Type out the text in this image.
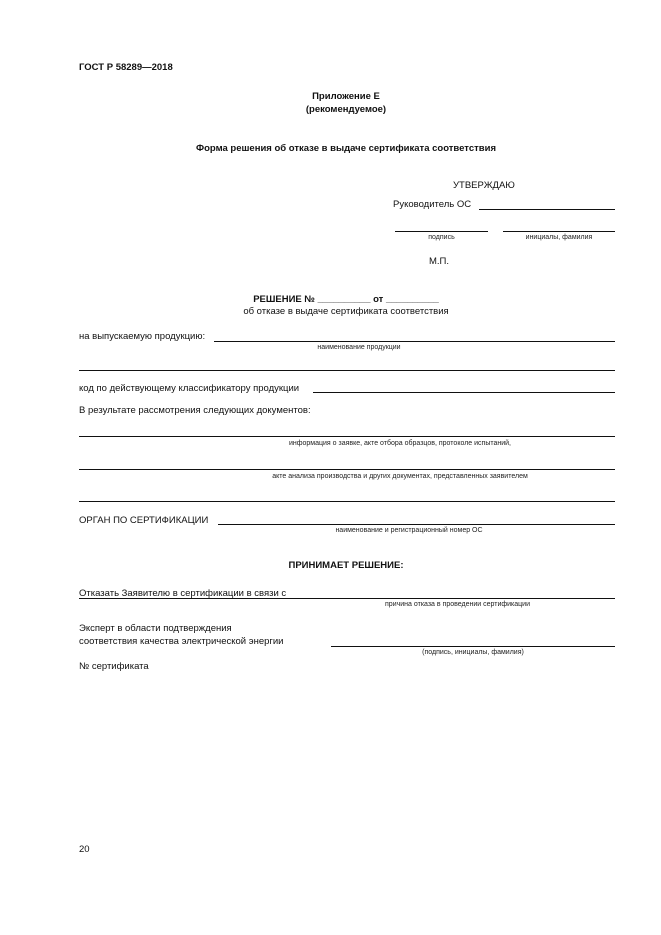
ГОСТ Р 58289—2018
Приложение Е
(рекомендуемое)
Форма решения об отказе в выдаче сертификата соответствия
УТВЕРЖДАЮ
Руководитель ОС
подпись	инициалы, фамилия
М.П.
РЕШЕНИЕ № __________ от __________
об отказе в выдаче сертификата соответствия
на выпускаемую продукцию:
наименование продукции
код по действующему классификатору продукции
В результате рассмотрения следующих документов:
информация о заявке, акте отбора образцов, протоколе испытаний,
акте анализа производства и других документах, представленных заявителем
ОРГАН ПО СЕРТИФИКАЦИИ
наименование и регистрационный номер ОС
ПРИНИМАЕТ РЕШЕНИЕ:
Отказать Заявителю в сертификации в связи с
причина отказа в проведении сертификации
Эксперт в области подтверждения
соответствия качества электрической энергии
(подпись, инициалы, фамилия)
№ сертификата
20
